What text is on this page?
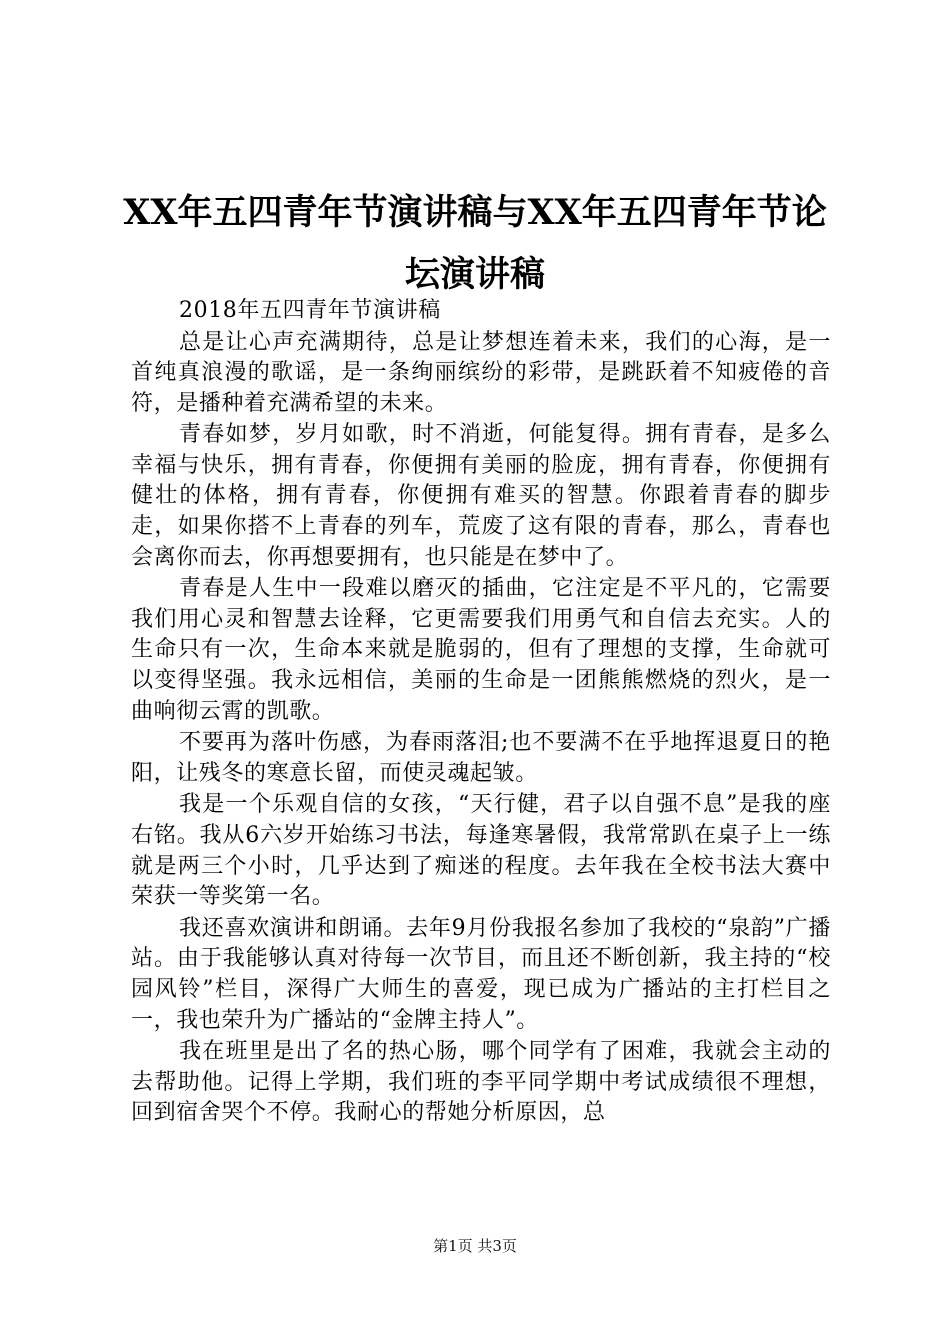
XX年五四青年节演讲稿与XX年五四青年节论坛演讲稿

2018年五四青年节演讲稿

总是让心声充满期待，总是让梦想连着未来，我们的心海，是一首纯真浪漫的歌谣，是一条绚丽缤纷的彩带，是跳跃着不知疲倦的音符，是播种着充满希望的未来。

青春如梦，岁月如歌，时不消逝，何能复得。拥有青春，是多么幸福与快乐，拥有青春，你便拥有美丽的脸庞，拥有青春，你便拥有健壮的体格，拥有青春，你便拥有难买的智慧。你跟着青春的脚步走，如果你搭不上青春的列车，荒废了这有限的青春，那么，青春也会离你而去，你再想要拥有，也只能是在梦中了。

青春是人生中一段难以磨灭的插曲，它注定是不平凡的，它需要我们用心灵和智慧去诠释，它更需要我们用勇气和自信去充实。人的生命只有一次，生命本来就是脆弱的，但有了理想的支撑，生命就可以变得坚强。我永远相信，美丽的生命是一团熊熊燃烧的烈火，是一曲响彻云霄的凯歌。

不要再为落叶伤感，为春雨落泪;也不要满不在乎地挥退夏日的艳阳，让残冬的寒意长留，而使灵魂起皱。

我是一个乐观自信的女孩，“天行健，君子以自强不息”是我的座右铭。我从6六岁开始练习书法，每逢寒暑假，我常常趴在桌子上一练就是两三个小时，几乎达到了痴迷的程度。去年我在全校书法大赛中荣获一等奖第一名。

我还喜欢演讲和朗诵。去年9月份我报名参加了我校的“泉韵”广播站。由于我能够认真对待每一次节目，而且还不断创新，我主持的“校园风铃”栏目，深得广大师生的喜爱，现已成为广播站的主打栏目之一，我也荣升为广播站的“金牌主持人”。

我在班里是出了名的热心肠，哪个同学有了困难，我就会主动的去帮助他。记得上学期，我们班的李平同学期中考试成绩很不理想，回到宿舍哭个不停。我耐心的帮她分析原因，总

第1页 共3页
